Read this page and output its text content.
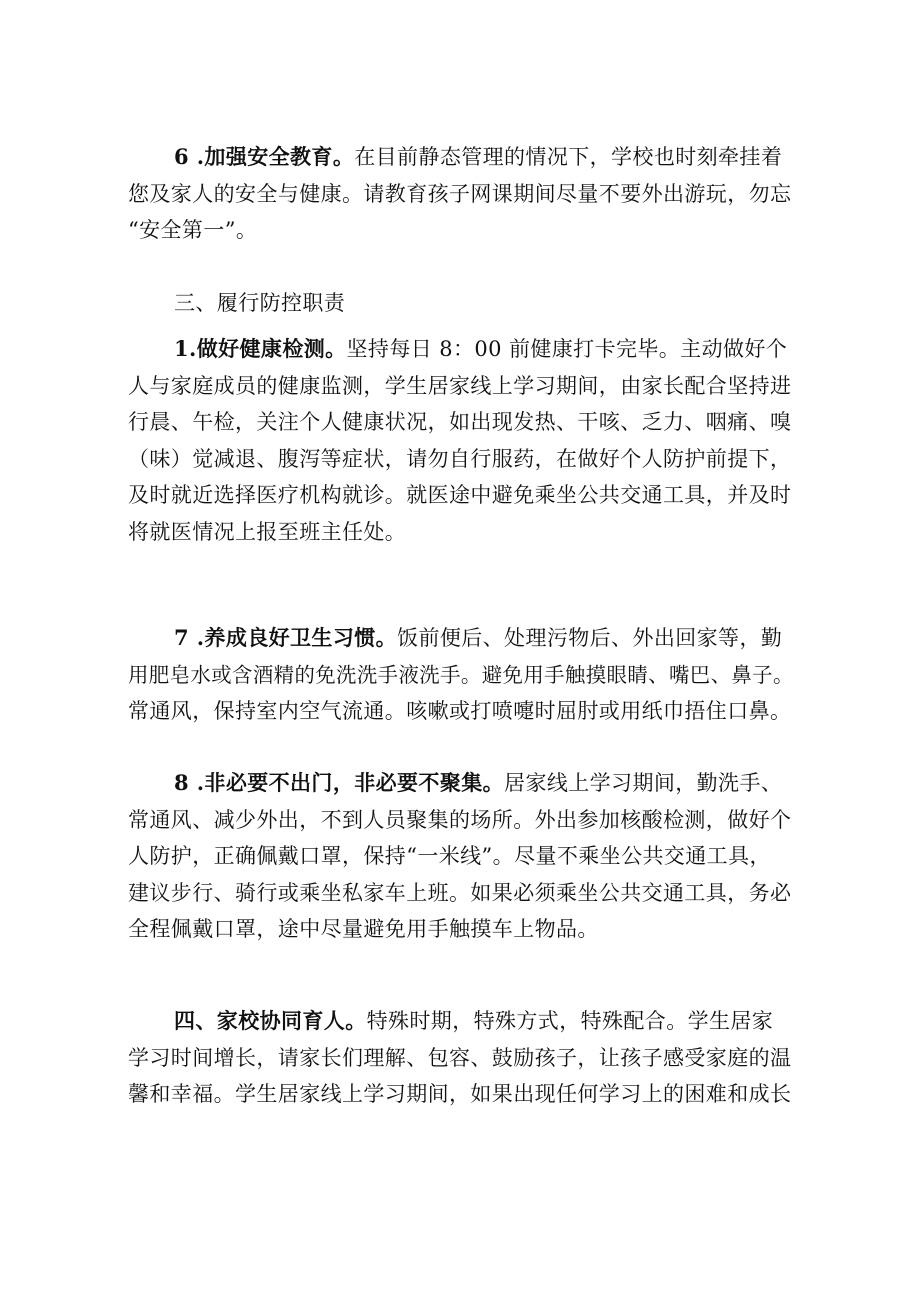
6 .加强安全教育。在目前静态管理的情况下，学校也时刻牵挂着
您及家人的安全与健康。请教育孩子网课期间尽量不要外出游玩，勿忘
“安全第一”。
三、履行防控职责
1.做好健康检测。坚持每日 8：00 前健康打卡完毕。主动做好个
人与家庭成员的健康监测，学生居家线上学习期间，由家长配合坚持进
行晨、午检，关注个人健康状况，如出现发热、干咳、乏力、咽痛、嗅
（味）觉减退、腹泻等症状，请勿自行服药，在做好个人防护前提下，
及时就近选择医疗机构就诊。就医途中避免乘坐公共交通工具，并及时
将就医情况上报至班主任处。
7 .养成良好卫生习惯。饭前便后、处理污物后、外出回家等，勤
用肥皂水或含酒精的免洗洗手液洗手。避免用手触摸眼睛、嘴巴、鼻子。
常通风，保持室内空气流通。咳嗽或打喷嚏时屈肘或用纸巾捂住口鼻。
8 .非必要不出门，非必要不聚集。居家线上学习期间，勤洗手、
常通风、减少外出，不到人员聚集的场所。外出参加核酸检测，做好个
人防护，正确佩戴口罩，保持“一米线”。尽量不乘坐公共交通工具，
建议步行、骑行或乘坐私家车上班。如果必须乘坐公共交通工具，务必
全程佩戴口罩，途中尽量避免用手触摸车上物品。
四、家校协同育人。特殊时期，特殊方式，特殊配合。学生居家
学习时间增长，请家长们理解、包容、鼓励孩子，让孩子感受家庭的温
馨和幸福。学生居家线上学习期间，如果出现任何学习上的困难和成长
